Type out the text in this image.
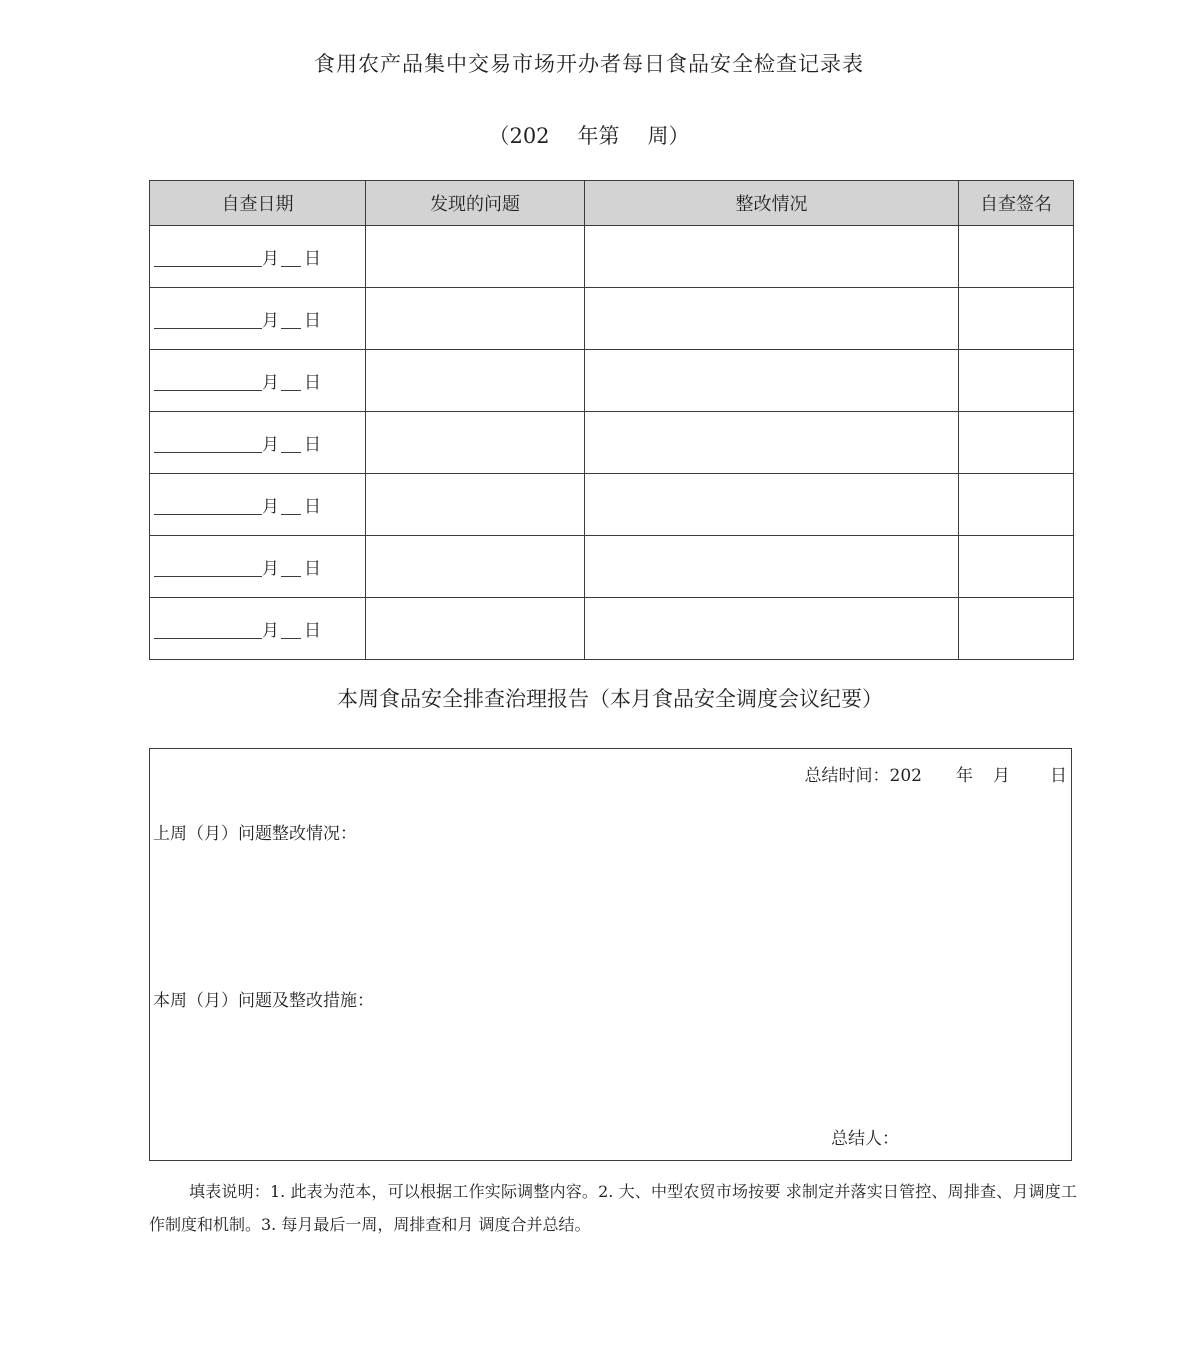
食用农产品集中交易市场开办者每日食品安全检查记录表
（202 年第 周）
自查日期	发现的问题	整改情况	自查签名

月 日			

月 日			

月 日			

月 日			

月 日			

月 日			

月 日			

本周食品安全排查治理报告（本月食品安全调度会议纪要）
总结时间：202 年 月 日
上周（月）问题整改情况：
本周（月）问题及整改措施：
总结人：
填表说明：1. 此表为范本，可以根据工作实际调整内容。2. 大、中型农贸市场按要 求制定并落实日管控、周排查、月调度工作制度和机制。3. 每月最后一周，周排查和月 调度合并总结。
